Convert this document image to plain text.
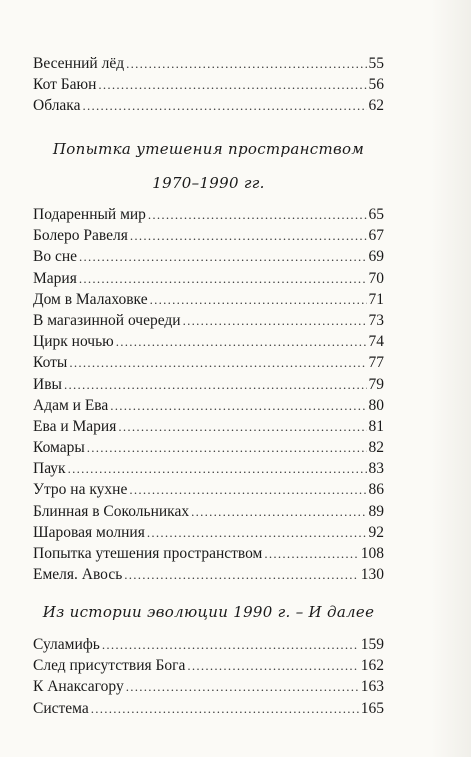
Весенний лёд . . .	55
Кот Баюн . . .	56
Облака . . .	62
Попытка утешения пространством
1970–1990 гг.
Подаренный мир . . .	65
Болеро Равеля . . .	67
Во сне . . .	69
Мария . . .	70
Дом в Малаховке . . .	71
В магазинной очереди . . .	73
Цирк ночью . . .	74
Коты . . .	77
Ивы . . .	79
Адам и Ева . . .	80
Ева и Мария . . .	81
Комары . . .	82
Паук . . .	83
Утро на кухне . . .	86
Блинная в Сокольниках . . .	89
Шаровая молния . . .	92
Попытка утешения пространством . . .	108
Емеля. Авось . . .	130
Из истории эволюции 1990 г. – И далее
Суламифь . . .	159
След присутствия Бога . . .	162
К Анаксагору . . .	163
Система . . .	165
